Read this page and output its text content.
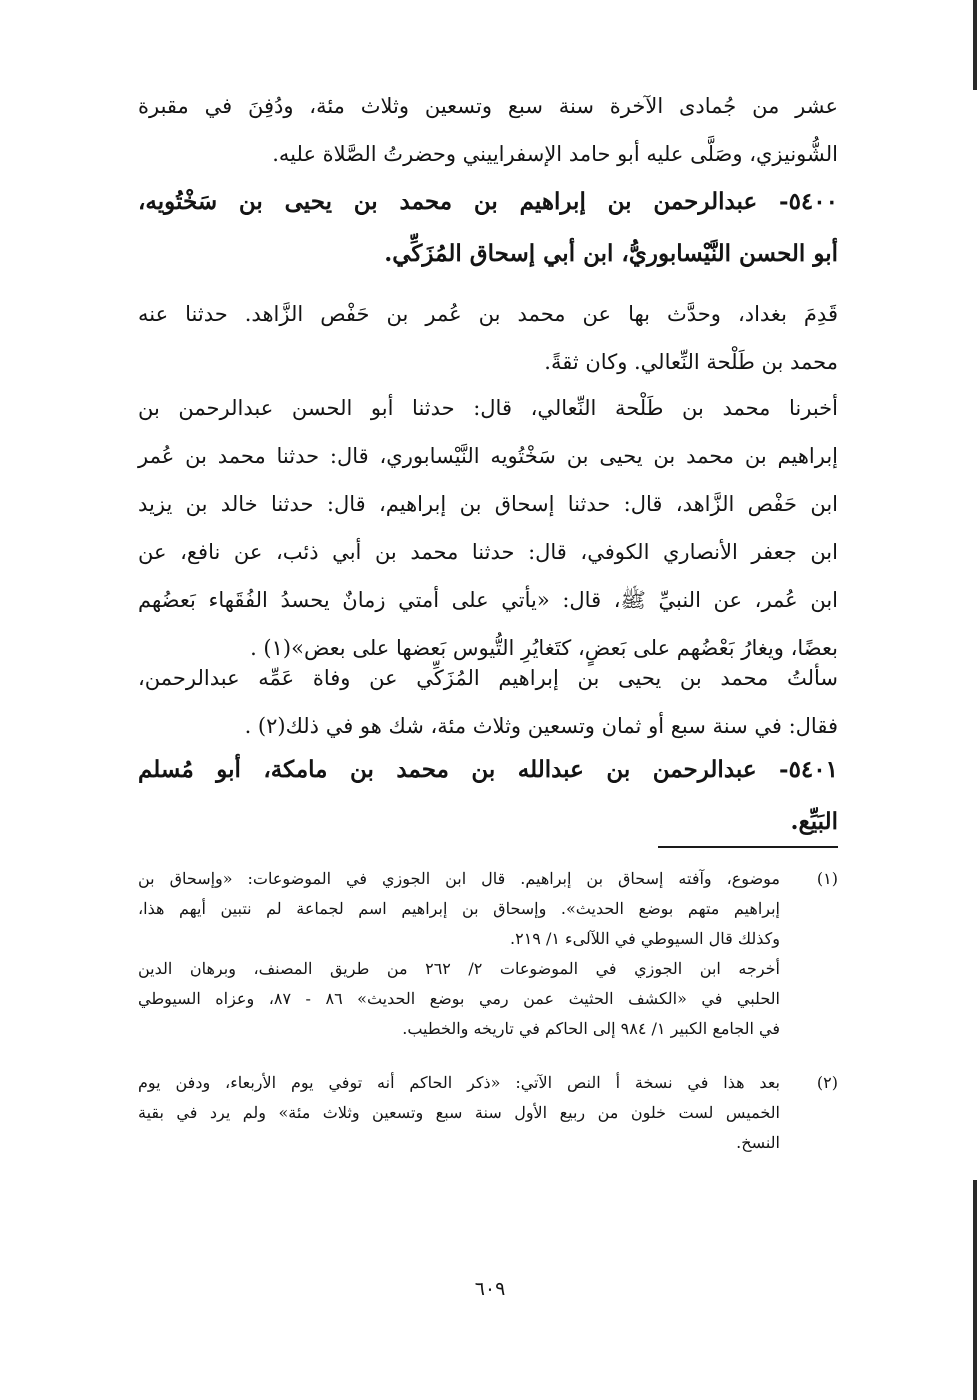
عشر من جُمادى الآخرة سنة سبع وتسعين وثلاث مئة، ودُفِنَ في مقبرة
الشُّونيزي، وصَلَّى عليه أبو حامد الإسفراييني وحضرتُ الصَّلاة عليه.
٥٤٠٠- عبدالرحمن بن إبراهيم بن محمد بن يحيى بن سَخْتُويه،
أبو الحسن النَّيْسابوريُّ، ابن أبي إسحاق المُزَكِّي.
قَدِمَ بغداد، وحدَّث بها عن محمد بن عُمر بن حَفْص الزَّاهد. حدثنا عنه
محمد بن طَلْحة النِّعالي. وكان ثقةً.
أخبرنا محمد بن طَلْحة النِّعالي، قال: حدثنا أبو الحسن عبدالرحمن بن
إبراهيم بن محمد بن يحيى بن سَخْتُويه النَّيْسابوري، قال: حدثنا محمد بن عُمر
ابن حَفْص الزَّاهد، قال: حدثنا إسحاق بن إبراهيم، قال: حدثنا خالد بن يزيد
ابن جعفر الأنصاري الكوفي، قال: حدثنا محمد بن أبي ذئب، عن نافع، عن
ابن عُمر، عن النبيِّ ﷺ، قال: «يأتي على أمتي زمانٌ يحسدُ الفُقَهاء بَعضُهم
بعضًا، ويغارُ بَعْضُهم على بَعضٍ، كتَغايُرِ التُّيوس بَعضها على بعض»(١) .
سألتُ محمد بن يحيى بن إبراهيم المُزَكِّي عن وفاة عَمِّه عبدالرحمن،
فقال: في سنة سبع أو ثمان وتسعين وثلاث مئة، شك هو في ذلك(٢) .
٥٤٠١- عبدالرحمن بن عبدالله بن محمد بن مامكة، أبو مُسلم
البَيِّع.
(١)
موضوع، وآفته إسحاق بن إبراهيم. قال ابن الجوزي في الموضوعات: «وإسحاق بن
إبراهيم متهم بوضع الحديث». وإسحاق بن إبراهيم اسم لجماعة لم نتبين أيهم هذا،
وكذلك قال السيوطي في اللآلىء ١/ ٢١٩.
أخرجه ابن الجوزي في الموضوعات ٢/ ٢٦٢ من طريق المصنف، وبرهان الدين
الحلبي في «الكشف الحثيث عمن رمي بوضع الحديث» ٨٦ - ٨٧، وعزاه السيوطي
في الجامع الكبير ١/ ٩٨٤ إلى الحاكم في تاريخه والخطيب.
(٢)
بعد هذا في نسخة أ النص الآتي: «ذكر الحاكم أنه توفي يوم الأربعاء، ودفن يوم
الخميس لست خلون من ربيع الأول سنة سبع وتسعين وثلاث مئة» ولم يرد في بقية
النسخ.
٦٠٩
